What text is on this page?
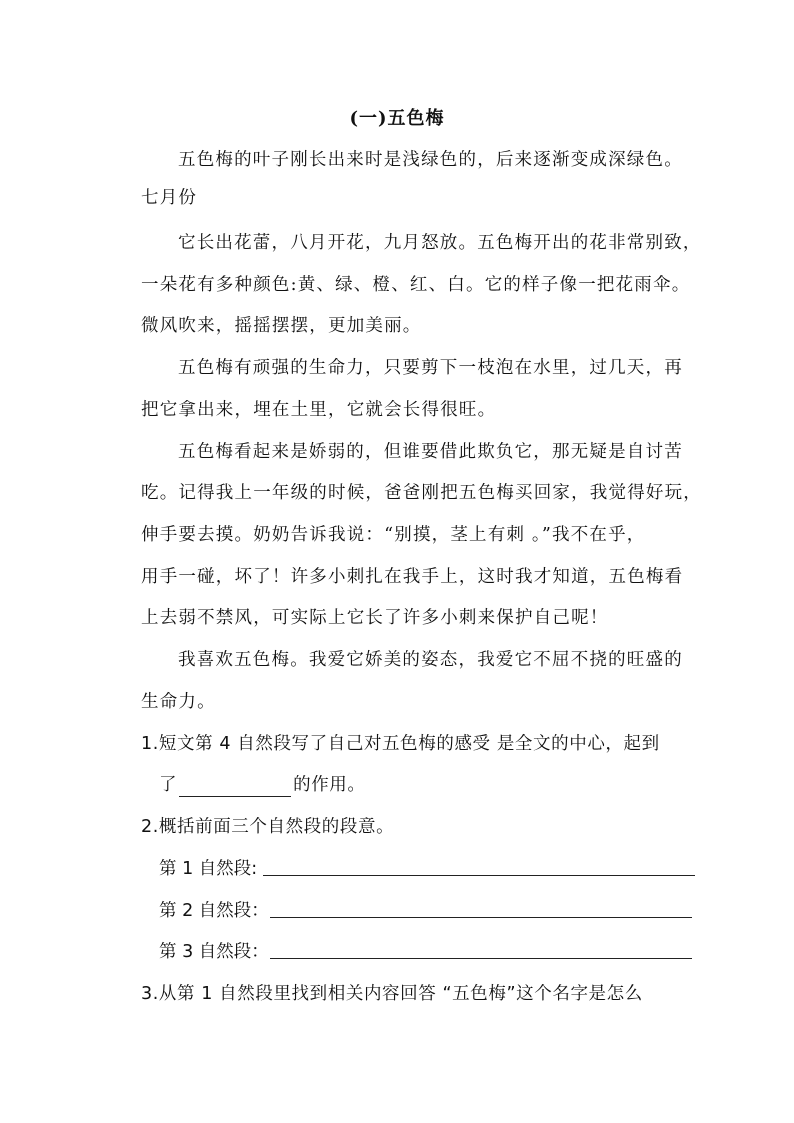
(一)五色梅
五色梅的叶子刚长出来时是浅绿色的，后来逐渐变成深绿色。
七月份
它长出花蕾，八月开花，九月怒放。五色梅开出的花非常别致，
一朵花有多种颜色:黄、绿、橙、红、白。它的样子像一把花雨伞。
微风吹来，摇摇摆摆，更加美丽。
五色梅有顽强的生命力，只要剪下一枝泡在水里，过几天，再
把它拿出来，埋在土里，它就会长得很旺。
五色梅看起来是娇弱的，但谁要借此欺负它，那无疑是自讨苦
吃。记得我上一年级的时候，爸爸刚把五色梅买回家，我觉得好玩，
伸手要去摸。奶奶告诉我说：“别摸，茎上有刺 。”我不在乎，
用手一碰，坏了！许多小刺扎在我手上，这时我才知道，五色梅看
上去弱不禁风，可实际上它长了许多小刺来保护自己呢！
我喜欢五色梅。我爱它娇美的姿态，我爱它不屈不挠的旺盛的
生命力。
1.短文第 4 自然段写了自己对五色梅的感受 是全文的中心，起到
了	的作用。
2.概括前面三个自然段的段意。
第 1 自然段:
第 2 自然段：
第 3 自然段：
3.从第 1 自然段里找到相关内容回答 “五色梅”这个名字是怎么
